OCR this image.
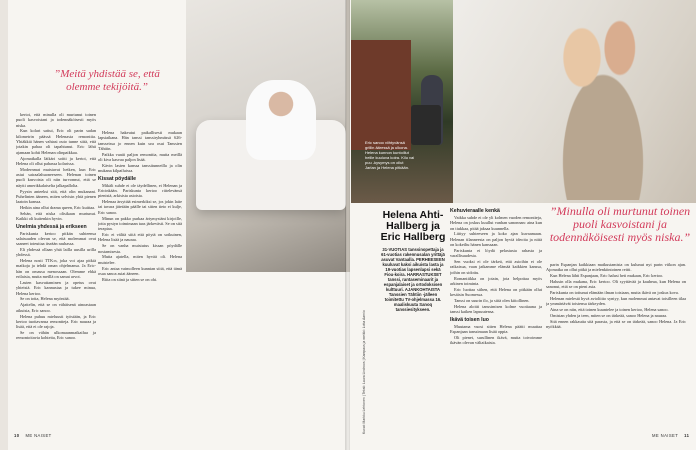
”Meitä yhdistää se, että olemme tekijöitä.”

kertoi, että minulla oli murtunut toinen puoli kasvoistani ja todennäköisesti myös niska.

Kun kolari sattui, Eric oli parin sadan kilometrin päässä Helenasta remonttia. Yhtäkkiä hänen vahtasi outo tunne siitä, että jotakin pahaa oli tapahtunut. Eric lähti ajamaan kohti Helenan olinpaikkaa.

Ajomatkalla läikäri soitti ja kertoi, että Helena oli ollut pahassa kolarissa.

Modernmat muistavat hetken, kun Eric astui sairaalahuoneeseen. Helenan toinen puoli kasvoista oli niin turvonnut, että se näytti amerikkalaiselta jalkapallolta.

Pyysin anteeksi sitä, että olin mukanani. Puhelinten ääneen, miten selvisin yhtä pienen laatoin kanssa.

Heikin aina ollut drama queen, Eric kuittaa.

Sehän, että niska olisikaan murtunut. Kaikki oli kuitenkin hyvin.

Unelmia yhdessä ja erikseen

Pariskunta kertoo pitkän suhteensa salaisuuden olevan se, että molemmat ovat saaneet toteuttaa itseään rauhassa.

Eli yhdessä ollaan yhtä lailla uusilla urilla yhdessä.

Helena nosti TTK:n, joka voi ajaa pitkiä matkoja ja tehdä oman ohjelmansa. Ja Eric-hän on omassa menossaan. Olemme ehkä erilaisia, mutta meillä on samat arvot.

Lasten kasvattaminen ja opetus ovat yhteisiä. Eric kannustaa ja tukee minua, Helena kertoo.

Se on totta, Helena myöntää.

Ajattelin, että se on vähäisenä ainoastaan aikuisia, Eric sanoo.

Helena puhuu mieluusti työstään, ja Eric kertoo tuottavansa remontteja. Eric nauraa ja lisää, että ei ole rajoja.

Se on vähän ulkomaanmatkailua ja remontoitavia kohteita, Eric sanoo.

Helena hakeutui paikallisesti mukaan lapsiaikana. Hän tanssi tanssiryhmässä 626-tansseissa jo ennen kuin ura osui Tanssien Tähtiin.

Paikka vaatii paljon remonttia, mutta meillä oli kiva kasvaa paljon lisää.

Kävin lasten kanssa tanssitunneilla ja olin mukana kilpailuissa.

Kissat pöydälle

Mikäli suhde ei ole täydellinen, ei Helenan ja Ericinkään. Pariskunta kertoo riitelevänsä pienistä, arkisista asioista.

Helenaa ärsyttää esimerkiksi se, jos jokin laite tai tavara jätetään päälle tai sitten tieto ei kulje, Eric sanoo.

Minun on pakko purkaa ärtymystäni kirjoille, jotta pystyn toimimaan taas järkevästi. Se on sitä terapiaa.

Eric ei välitä siitä että pöytä on sotkuinen, Helena lisää ja nauraa.

Se on vanha muistutus kissan pöydälle nostamisesta.

Mutta ajatella, miten hyvää oli. Helena muistelee.

Eric antaa vaimolleen kunnian siitä, että tämä osaa sanoa asiat ääneen.

Riita on siinä ja sitten se on ohi.

10 ME NAISET
Eric sanoo viihtyvänsä grillin ääressä ja ulkona. Helena kunnon kuntoillut heille kuuluva koira. Kilu vai puu -kysymys on ollut Jarlan ja Helena pitkään.
Kuvat: Markku Lehtonen | Teksti: Laura Lindroos | Kampaus ja meikki: Lotta Aarnio
Helena Ahti-Hallberg ja Eric Hallberg
31-VUOTIAS tanssinopettaja ja 61-vuotias rakennusalan yrittäjä asuvat Vantaalla. PERHEESEEN kuuluvat kaksi aikuista lasta ja 19-vuotias lapsenlapsi sekä Fiou-koira. HARRASTUKSET tanssi, rantaseminaarit ja espanjalaiset ja ortodoksisen kulttuuri. AJANKOHTAISTA Tanssien Tähtiin -jälleen toimitettu TV-ohjelmassa 16. maaliskuuta Sanoq tanssiesitykseen.
Kehuvieraalle kenkä

Vaikka suhde ei ole yli kolmen vuoden remontteja, Helena on joskus kuullut vanhan sanonnan: aina kun on tiukkaa, pitää jaksaa kuunnella.

Liittyy suhteeseen ja koko ajan kuvaamaan. Helenan tilanneesta on paljon hyviä ideoita ja niitä on kokeiltu hänen kanssaan.

Pariskunta ei löydä pelastusta rahasta ja varallisuudesta.

Sen vuoksi ei ole tärkeä, että asioihin ei ole ratkaisua, vaan jatkamme elämää kaikkien kanssa, joihin on sidottu.

Romantiikka on jotain, jota helpottaa myös arkinen toiminta.

Eric luottaa siihen, että Helena on pitkään ollut kesäisin Suomessa.

Tanssi on suurin ilo, ja siitä olen kiitollinen.

Helena aloitti tanssimisen kolme vuotiaana ja tanssi kaiken lapsuutensa.

Ikävä toisen luo

Muutama vuosi sitten Helena päätti muuttaa Espanjaan tanssimaan lisää oppia.

Oli pienet, surullinen ikävä, mutta toivoimme ikävän olevan väliaikaista.

”Minulla oli murtunut toinen puoli kasvoistani ja todennäköisesti myös niska.”

parin Espanjan kaikkiaan matkustamista on kulunut nyt parin viikon ajan. Ajomatka on ollut pitkä ja mielenkiintoinen reitti.

Kun Helena lähti Espanjaan, Eric halusi heti mukaan, Eric kertoo.

Halusin olla mukana, Eric kertoo. Oli syyttävää ja kauheaa, kun Helena on sanonut, että se on pieni asia.

Pariskunta on tottunut elämään ilman toisiaan, mutta ikävä on joskus kova.

Helenan mielestä hyvä avioliitto syntyy, kun molemmat antavat toisilleen tilaa ja ymmärtävät toistensa tärkeyden.

Aina se on niin, että toinen kuuntelee ja toinen kertoo, Helena sanoo.

Omistan yhden ja teen, miten se on tärkeää, sanoo Helena ja nauraa.

Sitä ennen rakkautta sitä parasta, ja että se on tärkeää, sanoo Helena. Ja Eric nyökkää.

ME NAISET 11
